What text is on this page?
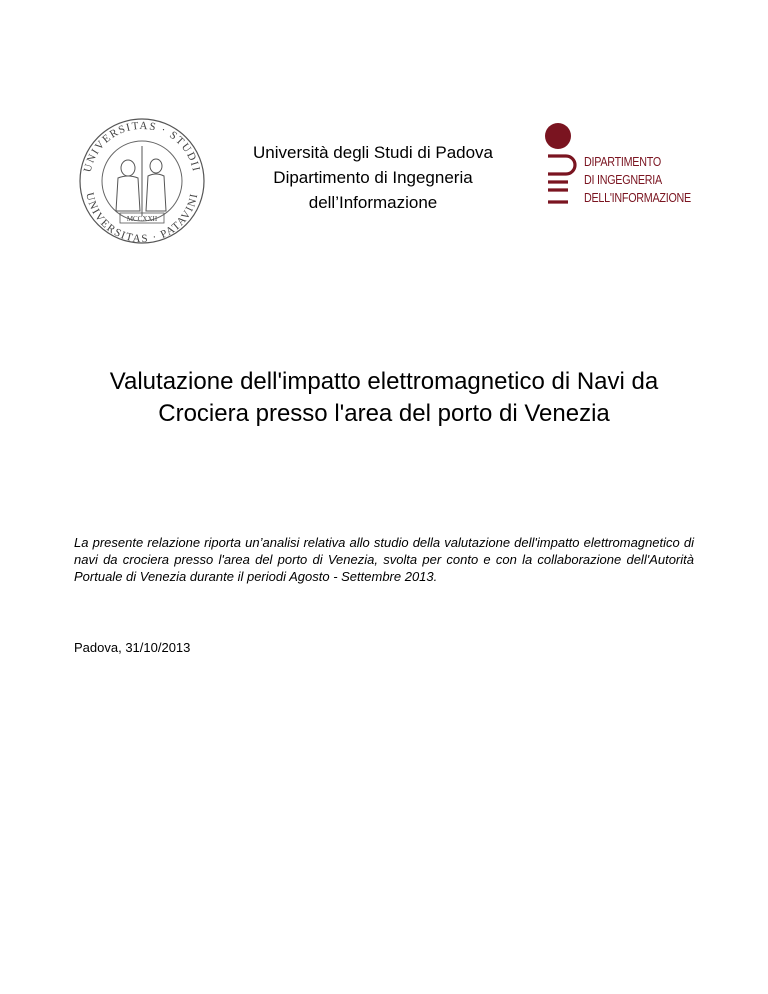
UNIVERSITAS · STUDII
UNIVERSITAS · PATAVINI
MCCXXII
Università degli Studi di Padova
Dipartimento di Ingegneria
dell’Informazione
DIPARTIMENTO
DI INGEGNERIA
DELL'INFORMAZIONE
Valutazione dell'impatto elettromagnetico di Navi da
Crociera presso l'area del porto di Venezia
La presente relazione riporta un’analisi relativa allo studio della valutazione dell'impatto elettromagnetico di navi da crociera presso l'area del porto di Venezia, svolta per conto e con la collaborazione dell'Autorità Portuale di Venezia durante il periodi Agosto - Settembre 2013.
Padova, 31/10/2013
